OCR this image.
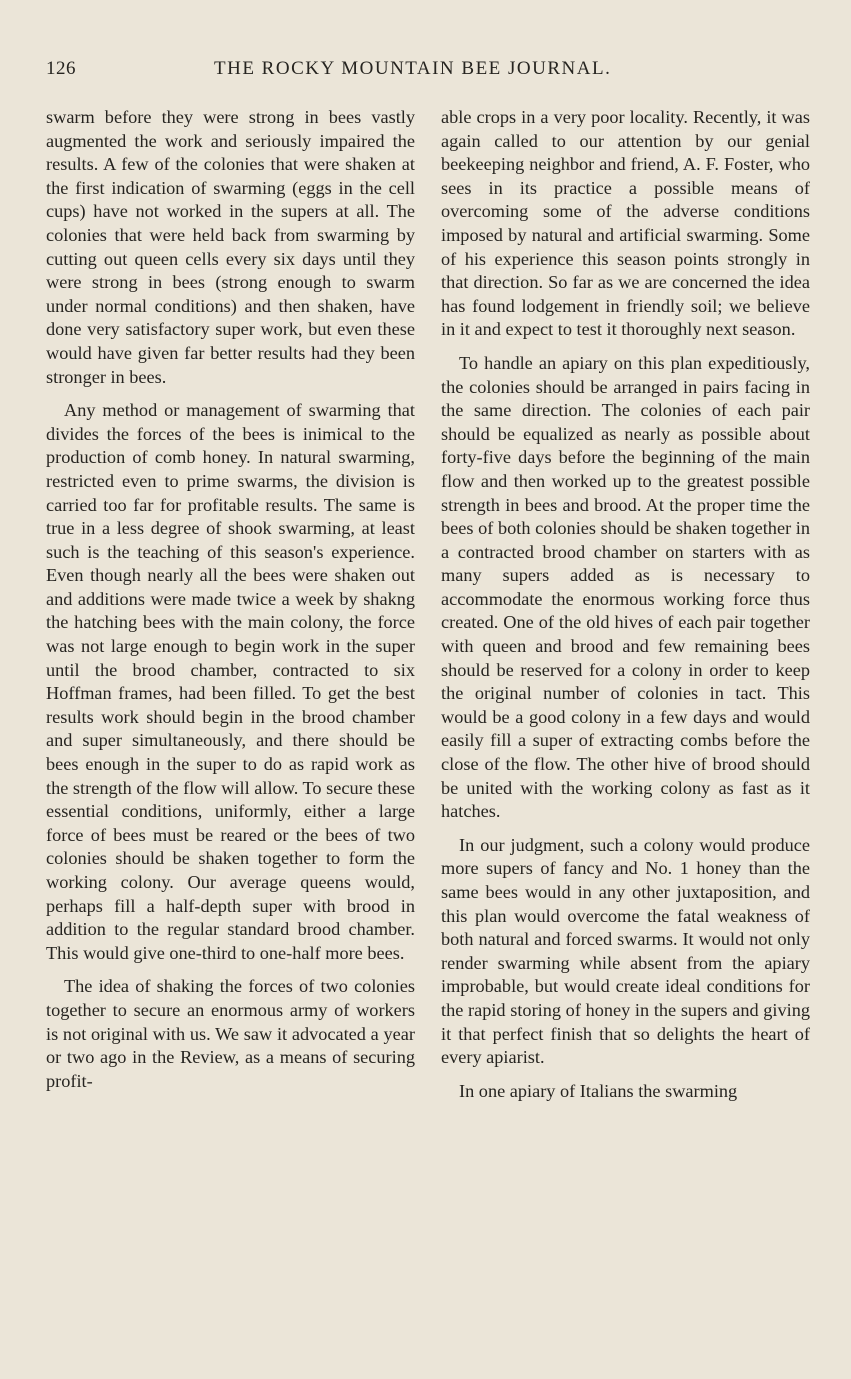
126	THE ROCKY MOUNTAIN BEE JOURNAL.

swarm before they were strong in bees vastly augmented the work and seriously impaired the results. A few of the colonies that were shaken at the first indication of swarming (eggs in the cell cups) have not worked in the supers at all. The colonies that were held back from swarming by cutting out queen cells every six days until they were strong in bees (strong enough to swarm under normal conditions) and then shaken, have done very satisfactory super work, but even these would have given far better results had they been stronger in bees.

Any method or management of swarming that divides the forces of the bees is inimical to the production of comb honey. In natural swarming, restricted even to prime swarms, the division is carried too far for profitable results. The same is true in a less degree of shook swarming, at least such is the teaching of this season's experience. Even though nearly all the bees were shaken out and additions were made twice a week by shakng the hatching bees with the main colony, the force was not large enough to begin work in the super until the brood chamber, contracted to six Hoffman frames, had been filled. To get the best results work should begin in the brood chamber and super simultaneously, and there should be bees enough in the super to do as rapid work as the strength of the flow will allow. To secure these essential conditions, uniformly, either a large force of bees must be reared or the bees of two colonies should be shaken together to form the working colony. Our average queens would, perhaps fill a half-depth super with brood in addition to the regular standard brood chamber. This would give one-third to one-half more bees.

The idea of shaking the forces of two colonies together to secure an enormous army of workers is not original with us. We saw it advocated a year or two ago in the Review, as a means of securing profit-

able crops in a very poor locality. Recently, it was again called to our attention by our genial beekeeping neighbor and friend, A. F. Foster, who sees in its practice a possible means of overcoming some of the adverse conditions imposed by natural and artificial swarming. Some of his experience this season points strongly in that direction. So far as we are concerned the idea has found lodgement in friendly soil; we believe in it and expect to test it thoroughly next season.

To handle an apiary on this plan expeditiously, the colonies should be arranged in pairs facing in the same direction. The colonies of each pair should be equalized as nearly as possible about forty-five days before the beginning of the main flow and then worked up to the greatest possible strength in bees and brood. At the proper time the bees of both colonies should be shaken together in a contracted brood chamber on starters with as many supers added as is necessary to accommodate the enormous working force thus created. One of the old hives of each pair together with queen and brood and few remaining bees should be reserved for a colony in order to keep the original number of colonies in tact. This would be a good colony in a few days and would easily fill a super of extracting combs before the close of the flow. The other hive of brood should be united with the working colony as fast as it hatches.

In our judgment, such a colony would produce more supers of fancy and No. 1 honey than the same bees would in any other juxtaposition, and this plan would overcome the fatal weakness of both natural and forced swarms. It would not only render swarming while absent from the apiary improbable, but would create ideal conditions for the rapid storing of honey in the supers and giving it that perfect finish that so delights the heart of every apiarist.

In one apiary of Italians the swarming
